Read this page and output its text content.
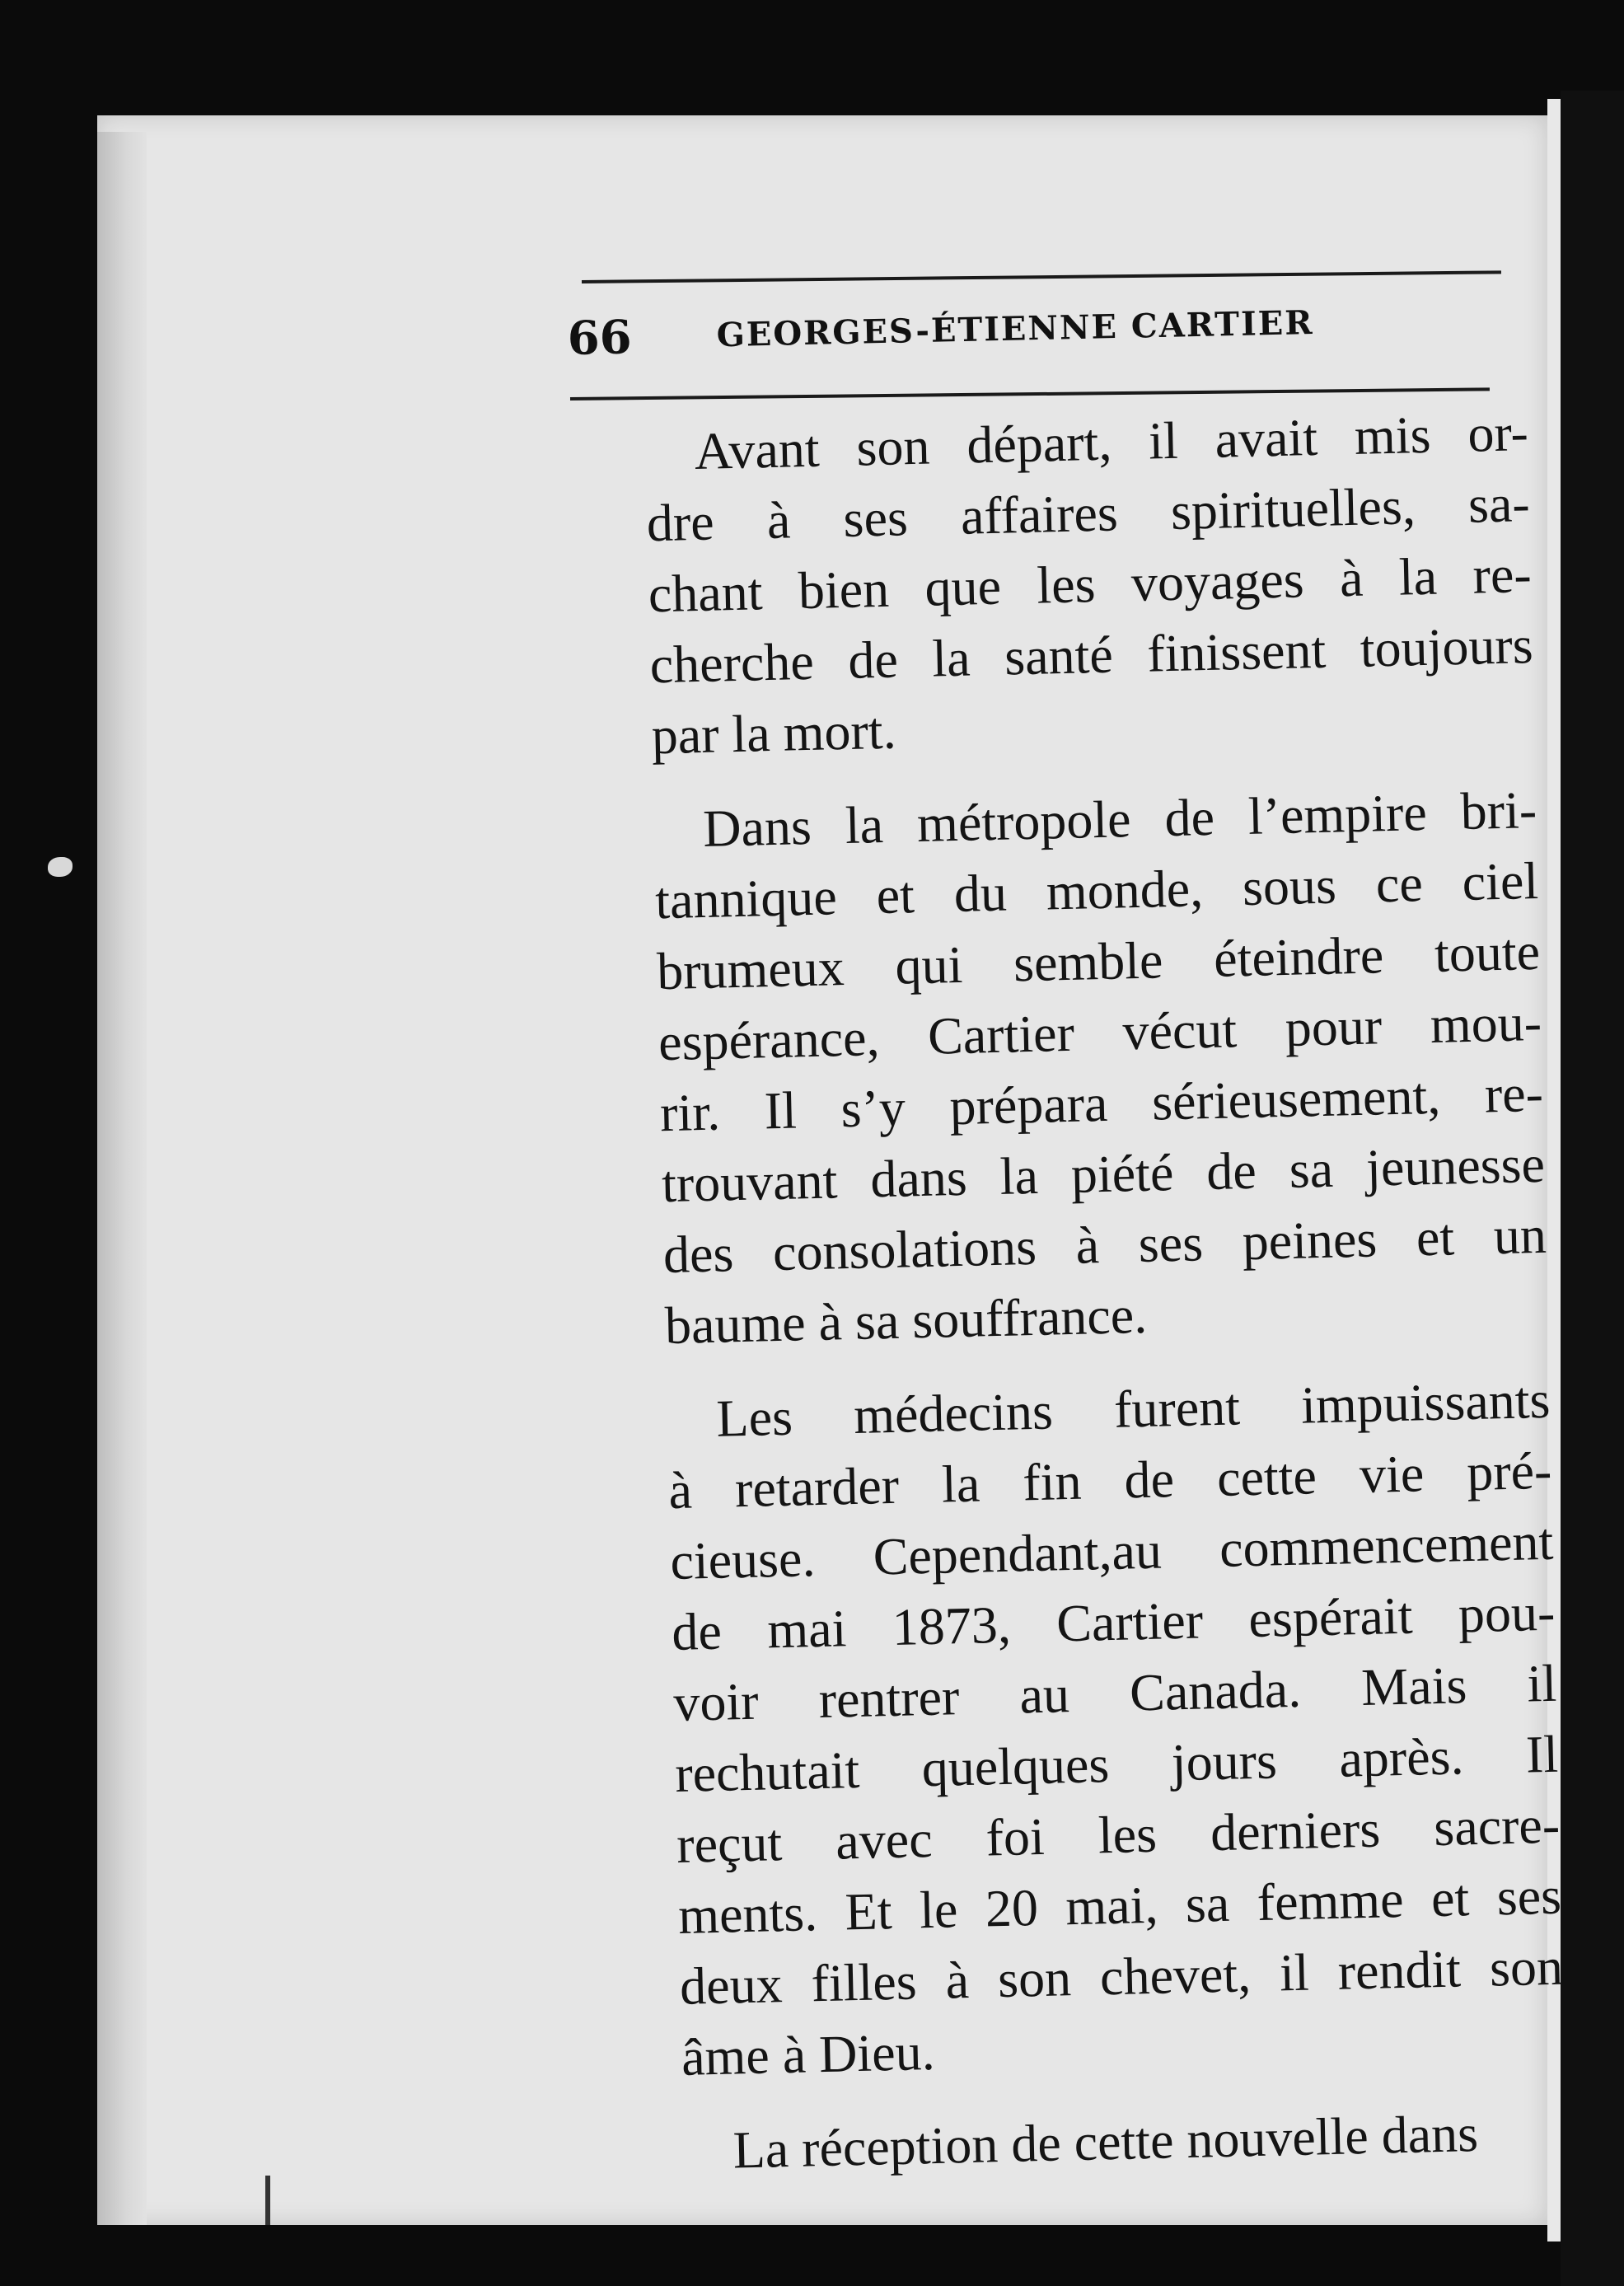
66	GEORGES-ÉTIENNE CARTIER

Avant son départ, il avait mis or-
dre à ses affaires spirituelles, sa-
chant bien que les voyages à la re-
cherche de la santé finissent toujours
par la mort.

Dans la métropole de l’empire bri-
tannique et du monde, sous ce ciel
brumeux qui semble éteindre toute
espérance, Cartier vécut pour mou-
rir. Il s’y prépara sérieusement, re-
trouvant dans la piété de sa jeunesse
des consolations à ses peines et un
baume à sa souffrance.

Les médecins furent impuissants
à retarder la fin de cette vie pré-
cieuse. Cependant,au commencement
de mai 1873, Cartier espérait pou-
voir rentrer au Canada. Mais il
rechutait quelques jours après. Il
reçut avec foi les derniers sacre-
ments. Et le 20 mai, sa femme et ses
deux filles à son chevet, il rendit son
âme à Dieu.

La réception de cette nouvelle dans
